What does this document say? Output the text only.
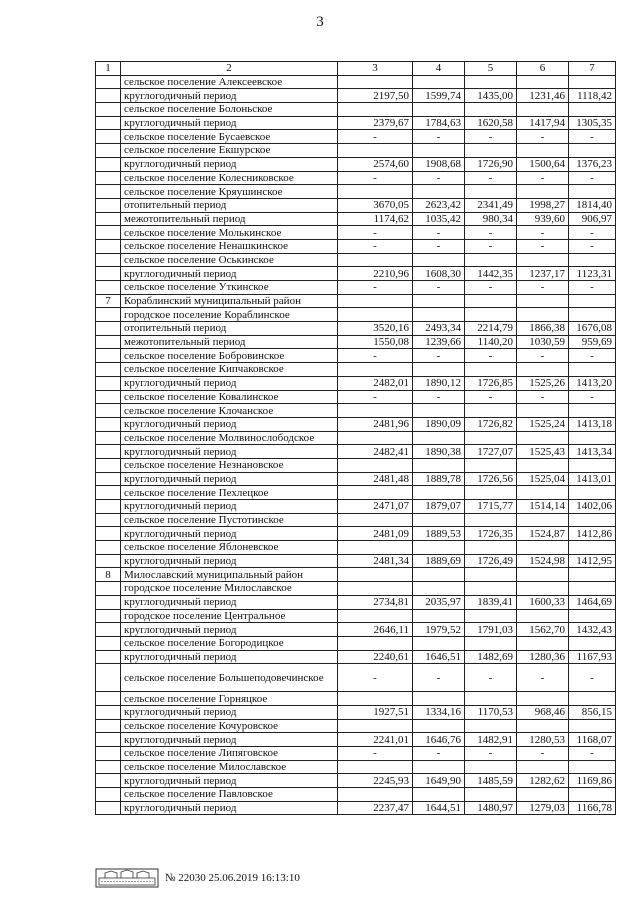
3
1	2	3	4	5	6	7
	сельское поселение Алексеевское					
	круглогодичный период	2197,50	1599,74	1435,00	1231,46	1118,42
	сельское поселение Болоньское					
	круглогодичный период	2379,67	1784,63	1620,58	1417,94	1305,35
	сельское поселение Бусаевское	-	-	-	-	-
	сельское поселение Екшурское					
	круглогодичный период	2574,60	1908,68	1726,90	1500,64	1376,23
	сельское поселение Колесниковское	-	-	-	-	-
	сельское поселение Кряушинское					
	отопительный период	3670,05	2623,42	2341,49	1998,27	1814,40
	межотопительный период	1174,62	1035,42	980,34	939,60	906,97
	сельское поселение Молькинское	-	-	-	-	-
	сельское поселение Ненашкинское	-	-	-	-	-
	сельское поселение Оськинское					
	круглогодичный период	2210,96	1608,30	1442,35	1237,17	1123,31
	сельское поселение Уткинское	-	-	-	-	-
7	Кораблинский муниципальный район					
	городское поселение Кораблинское					
	отопительный период	3520,16	2493,34	2214,79	1866,38	1676,08
	межотопительный период	1550,08	1239,66	1140,20	1030,59	959,69
	сельское поселение Бобровинское	-	-	-	-	-
	сельское поселение Кипчаковское					
	круглогодичный период	2482,01	1890,12	1726,85	1525,26	1413,20
	сельское поселение Ковалинское	-	-	-	-	-
	сельское поселение Клочанское					
	круглогодичный период	2481,96	1890,09	1726,82	1525,24	1413,18
	сельское поселение Молвинослободское					
	круглогодичный период	2482,41	1890,38	1727,07	1525,43	1413,34
	сельское поселение Незнановское					
	круглогодичный период	2481,48	1889,78	1726,56	1525,04	1413,01
	сельское поселение Пехлецкое					
	круглогодичный период	2471,07	1879,07	1715,77	1514,14	1402,06
	сельское поселение Пустотинское					
	круглогодичный период	2481,09	1889,53	1726,35	1524,87	1412,86
	сельское поселение Яблоневское					
	круглогодичный период	2481,34	1889,69	1726,49	1524,98	1412,95
8	Милославский муниципальный район					
	городское поселение Милославское					
	круглогодичный период	2734,81	2035,97	1839,41	1600,33	1464,69
	городское поселение Центральное					
	круглогодичный период	2646,11	1979,52	1791,03	1562,70	1432,43
	сельское поселение Богородицкое					
	круглогодичный период	2240,61	1646,51	1482,69	1280,36	1167,93
	сельское поселение Большеподовечинское	-	-	-	-	-
	сельское поселение Горняцкое					
	круглогодичный период	1927,51	1334,16	1170,53	968,46	856,15
	сельское поселение Кочуровское					
	круглогодичный период	2241,01	1646,76	1482,91	1280,53	1168,07
	сельское поселение Липяговское	-	-	-	-	-
	сельское поселение Милославское					
	круглогодичный период	2245,93	1649,90	1485,59	1282,62	1169,86
	сельское поселение Павловское					
	круглогодичный период	2237,47	1644,51	1480,97	1279,03	1166,78
№ 22030 25.06.2019 16:13:10
